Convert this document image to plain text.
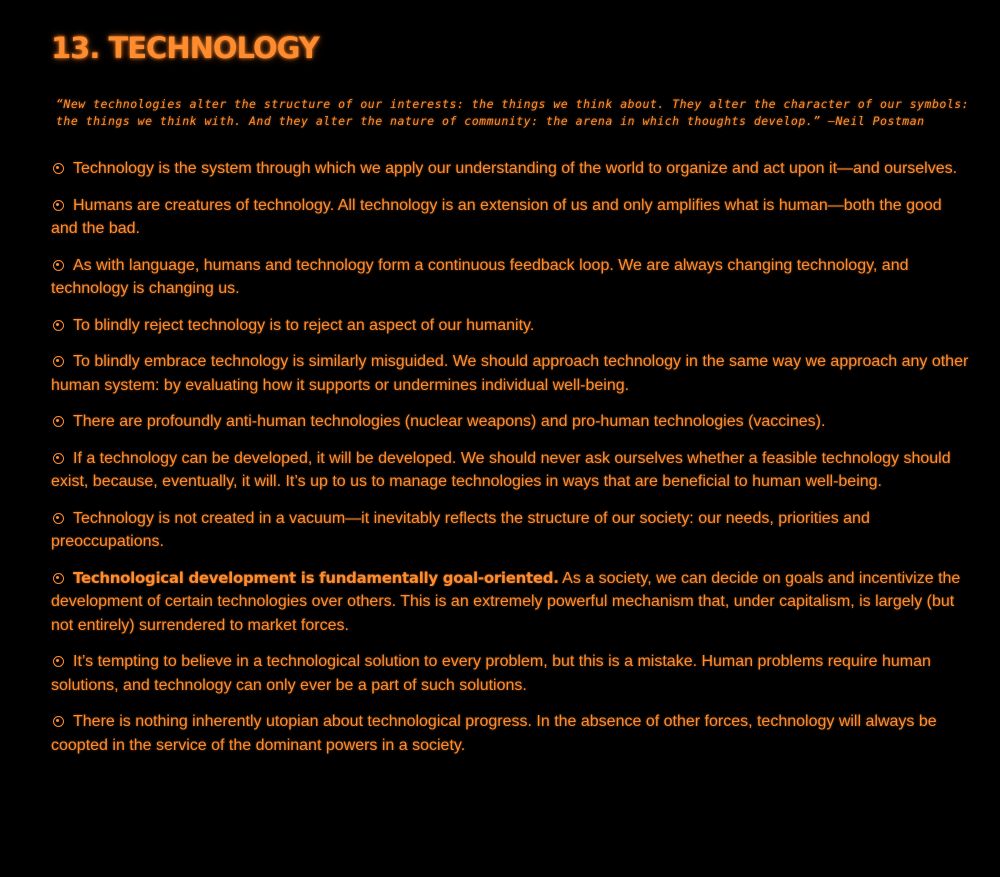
13. TECHNOLOGY

“New technologies alter the structure of our interests: the things we think about. They alter the character of our symbols: the things we think with. And they alter the nature of community: the arena in which thoughts develop.” —Neil Postman

Technology is the system through which we apply our understanding of the world to organize and act upon it—and ourselves.
Humans are creatures of technology. All technology is an extension of us and only amplifies what is human—both the good and the bad.
As with language, humans and technology form a continuous feedback loop. We are always changing technology, and technology is changing us.
To blindly reject technology is to reject an aspect of our humanity.
To blindly embrace technology is similarly misguided. We should approach technology in the same way we approach any other human system: by evaluating how it supports or undermines individual well-being.
There are profoundly anti-human technologies (nuclear weapons) and pro-human technologies (vaccines).
If a technology can be developed, it will be developed. We should never ask ourselves whether a feasible technology should exist, because, eventually, it will. It’s up to us to manage technologies in ways that are beneficial to human well-being.
Technology is not created in a vacuum—it inevitably reflects the structure of our society: our needs, priorities and preoccupations.
Technological development is fundamentally goal-oriented. As a society, we can decide on goals and incentivize the development of certain technologies over others. This is an extremely powerful mechanism that, under capitalism, is largely (but not entirely) surrendered to market forces.
It’s tempting to believe in a technological solution to every problem, but this is a mistake. Human problems require human solutions, and technology can only ever be a part of such solutions.
There is nothing inherently utopian about technological progress. In the absence of other forces, technology will always be coopted in the service of the dominant powers in a society.
